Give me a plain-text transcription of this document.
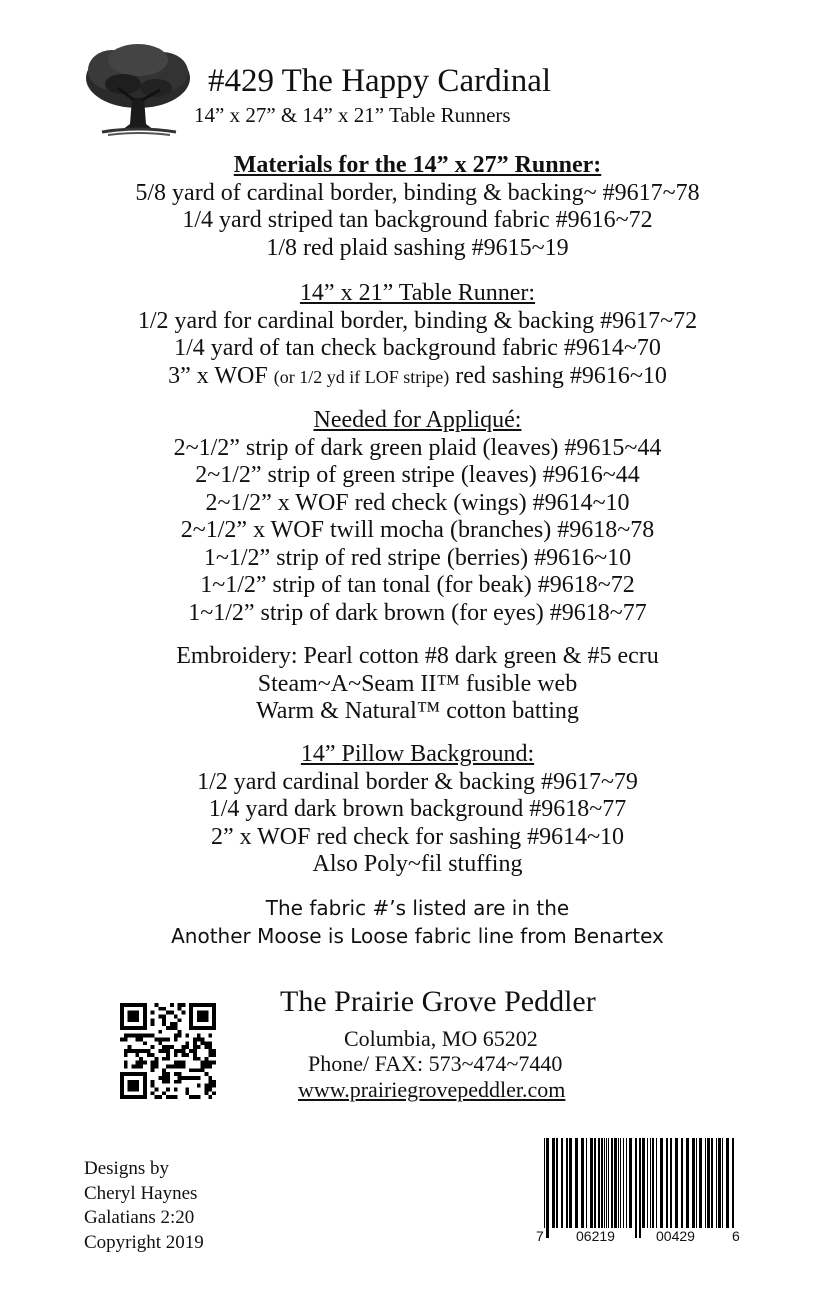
#429 The Happy Cardinal
14” x 27” & 14” x 21” Table Runners
Materials for the 14” x 27” Runner:
5/8 yard of cardinal border, binding & backing~ #9617~78
1/4 yard striped tan background fabric #9616~72
1/8 red plaid sashing #9615~19
14” x 21” Table Runner:
1/2 yard for cardinal border, binding & backing #9617~72
1/4 yard of tan check background fabric #9614~70
3” x WOF (or 1/2 yd if LOF stripe) red sashing #9616~10
Needed for Appliqué:
2~1/2” strip of dark green plaid (leaves) #9615~44
2~1/2” strip of green stripe (leaves) #9616~44
2~1/2” x WOF red check (wings) #9614~10
2~1/2” x WOF twill mocha (branches) #9618~78
1~1/2” strip of red stripe (berries) #9616~10
1~1/2” strip of tan tonal (for beak) #9618~72
1~1/2” strip of dark brown (for eyes) #9618~77
Embroidery: Pearl cotton #8 dark green & #5 ecru
Steam~A~Seam II™ fusible web
Warm & Natural™ cotton batting
14” Pillow Background:
1/2 yard cardinal border & backing #9617~79
1/4 yard dark brown background #9618~77
2” x WOF red check for sashing #9614~10
Also Poly~fil stuffing
The fabric #’s listed are in the
Another Moose is Loose fabric line from Benartex
The Prairie Grove Peddler
Columbia, MO 65202
Phone/ FAX: 573~474~7440
www.prairiegrovepeddler.com
Designs by
Cheryl Haynes
Galatians 2:20
Copyright 2019	7 06219	00429	6
